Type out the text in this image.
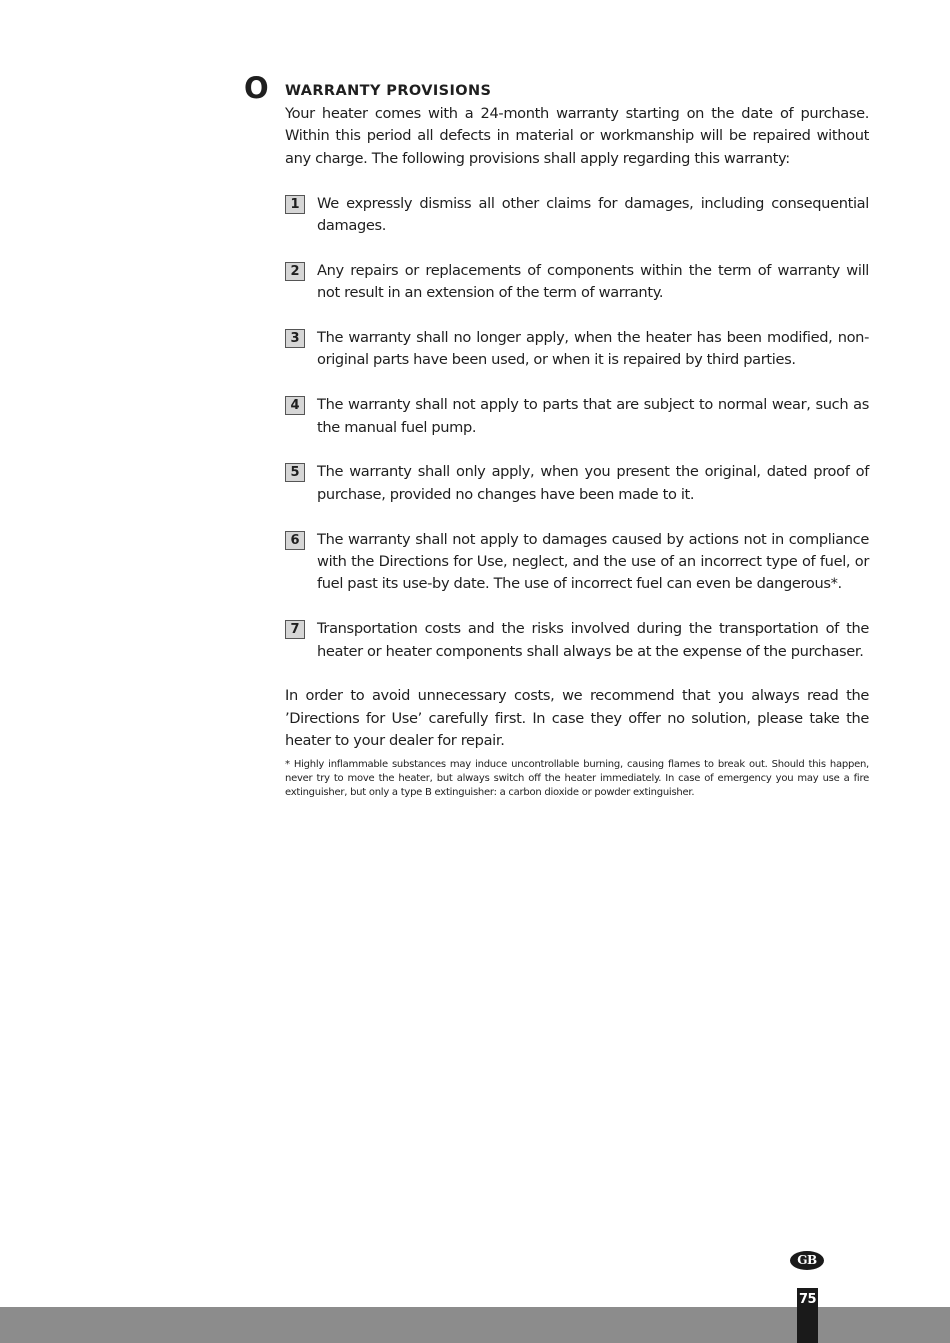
O WARRANTY PROVISIONS

Your heater comes with a 24-month warranty starting on the date of purchase. Within this period all defects in material or workmanship will be repaired without any charge. The following provisions shall apply regarding this warranty:

1	We expressly dismiss all other claims for damages, including consequential damages.
2	Any repairs or replacements of components within the term of warranty will not result in an extension of the term of warranty.
3	The warranty shall no longer apply, when the heater has been modified, non-original parts have been used, or when it is repaired by third parties.
4	The warranty shall not apply to parts that are subject to normal wear, such as the manual fuel pump.
5	The warranty shall only apply, when you present the original, dated proof of purchase, provided no changes have been made to it.
6	The warranty shall not apply to damages caused by actions not in compliance with the Directions for Use, neglect, and the use of an incorrect type of fuel, or fuel past its use-by date. The use of incorrect fuel can even be dangerous*.
7	Transportation costs and the risks involved during the transportation of the heater or heater components shall always be at the expense of the purchaser.

In order to avoid unnecessary costs, we recommend that you always read the ’Directions for Use’ carefully first. In case they offer no solution, please take the heater to your dealer for repair.

* Highly inflammable substances may induce uncontrollable burning, causing flames to break out. Should this happen, never try to move the heater, but always switch off the heater immediately. In case of emergency you may use a fire extinguisher, but only a type B extinguisher: a carbon dioxide or powder extinguisher.

GB
75
